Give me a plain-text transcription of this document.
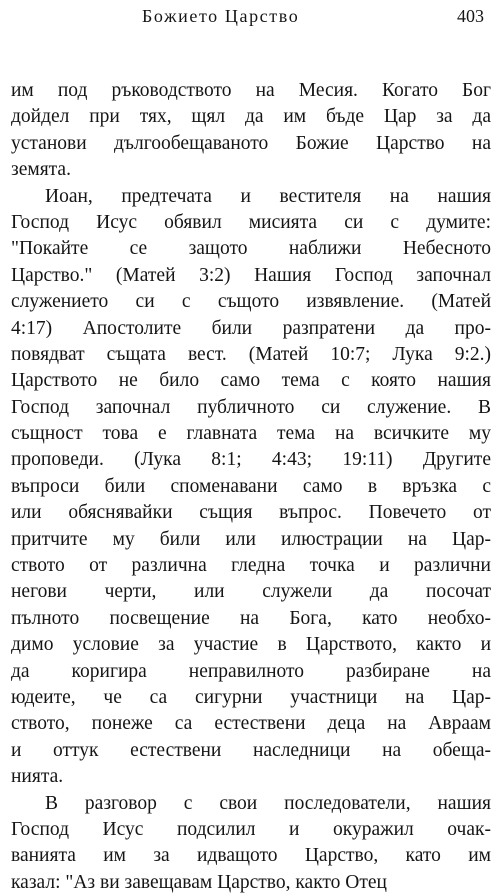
Божието Царство	403
им под ръководството на Месия. Когато Бог
дойдел при тях, щял да им бъде Цар за да
установи дългообещаваното Божие Царство на
земята.
Иоан, предтечата и вестителя на нашия
Господ Исус обявил мисията си с думите:
"Покайте се защото наближи Небесното
Царство." (Матей 3:2) Нашия Господ започнал
служението си с същото извявление. (Матей
4:17) Апостолите били разпратени да про-
повядват същата вест. (Матей 10:7; Лука 9:2.)
Царството не било само тема с която нашия
Господ започнал публичното си служение. В
същност това е главната тема на всичките му
проповеди. (Лука 8:1; 4:43; 19:11) Другите
въпроси били споменавани само в връзка с
или обяснявайки същия въпрос. Повечето от
притчите му били или илюстрации на Цар-
ството от различна гледна точка и различни
негови черти, или служели да посочат
пълното посвещение на Бога, като необхо-
димо условие за участие в Царството, както и
да коригира неправилното разбиране на
юдеите, че са сигурни участници на Цар-
ството, понеже са естествени деца на Авраам
и оттук естествени наследници на обеща-
нията.
В разговор с свои последователи, нашия
Господ Исус подсилил и окуражил очак-
ванията им за идващото Царство, като им
казал: "Аз ви завещавам Царство, както Отец
